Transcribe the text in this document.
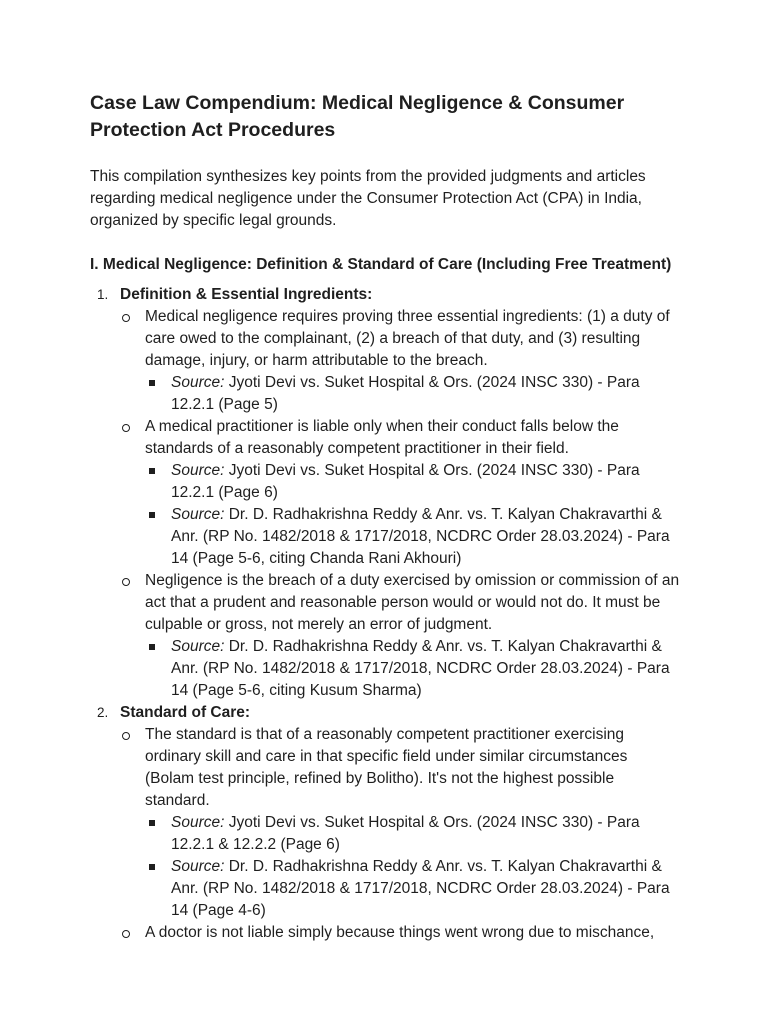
Case Law Compendium: Medical Negligence & Consumer Protection Act Procedures

This compilation synthesizes key points from the provided judgments and articles regarding medical negligence under the Consumer Protection Act (CPA) in India, organized by specific legal grounds.

I. Medical Negligence: Definition & Standard of Care (Including Free Treatment)
1. Definition & Essential Ingredients:
Medical negligence requires proving three essential ingredients: (1) a duty of care owed to the complainant, (2) a breach of that duty, and (3) resulting damage, injury, or harm attributable to the breach.
Source: Jyoti Devi vs. Suket Hospital & Ors. (2024 INSC 330) - Para 12.2.1 (Page 5)
A medical practitioner is liable only when their conduct falls below the standards of a reasonably competent practitioner in their field.
Source: Jyoti Devi vs. Suket Hospital & Ors. (2024 INSC 330) - Para 12.2.1 (Page 6)
Source: Dr. D. Radhakrishna Reddy & Anr. vs. T. Kalyan Chakravarthi & Anr. (RP No. 1482/2018 & 1717/2018, NCDRC Order 28.03.2024) - Para 14 (Page 5-6, citing Chanda Rani Akhouri)
Negligence is the breach of a duty exercised by omission or commission of an act that a prudent and reasonable person would or would not do. It must be culpable or gross, not merely an error of judgment.
Source: Dr. D. Radhakrishna Reddy & Anr. vs. T. Kalyan Chakravarthi & Anr. (RP No. 1482/2018 & 1717/2018, NCDRC Order 28.03.2024) - Para 14 (Page 5-6, citing Kusum Sharma)
2. Standard of Care:
The standard is that of a reasonably competent practitioner exercising ordinary skill and care in that specific field under similar circumstances (Bolam test principle, refined by Bolitho). It's not the highest possible standard.
Source: Jyoti Devi vs. Suket Hospital & Ors. (2024 INSC 330) - Para 12.2.1 & 12.2.2 (Page 6)
Source: Dr. D. Radhakrishna Reddy & Anr. vs. T. Kalyan Chakravarthi & Anr. (RP No. 1482/2018 & 1717/2018, NCDRC Order 28.03.2024) - Para 14 (Page 4-6)
A doctor is not liable simply because things went wrong due to mischance,
